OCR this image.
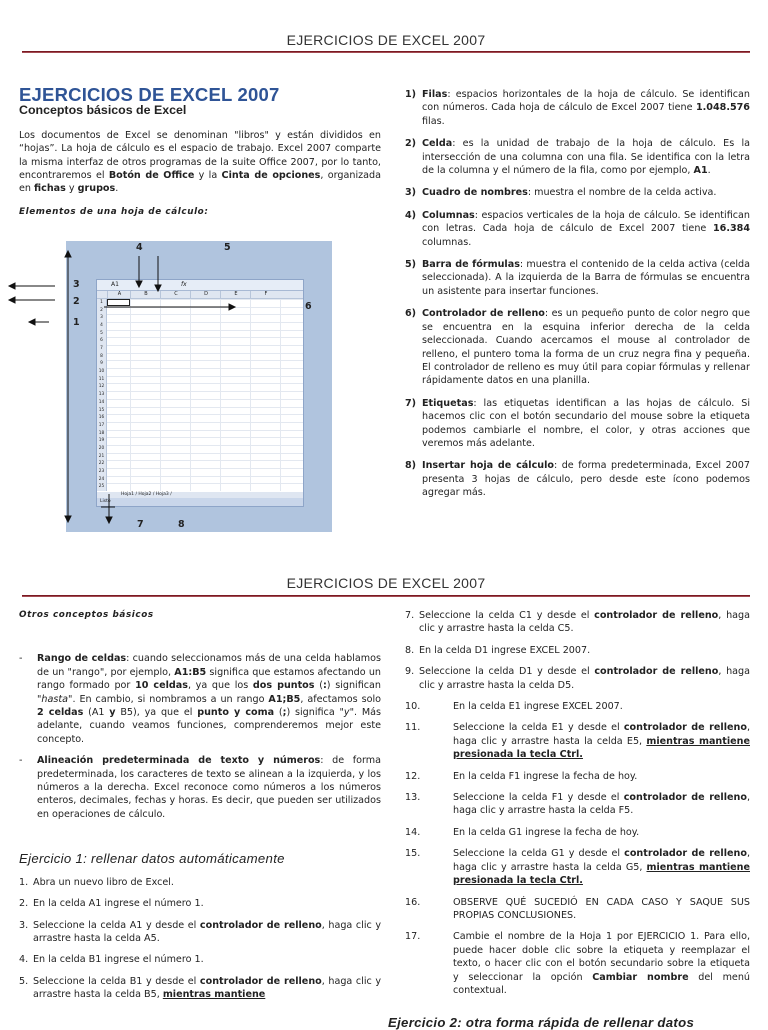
EJERCICIOS DE EXCEL 2007
EJERCICIOS DE EXCEL 2007
Conceptos básicos de Excel

Los documentos de Excel se denominan "libros" y están divididos en “hojas”. La hoja de cálculo es el espacio de trabajo. Excel 2007 comparte la misma interfaz de otros programas de la suite Office 2007, por lo tanto, encontraremos el Botón de Office y la Cinta de opciones, organizada en fichas y grupos.

Elementos de una hoja de cálculo:

A1	fx
A	B	C	D	E	F
1
2
3
4
5
6
7
8
9
10
11
12
13
14
15
16
17
18
19
20
21
22
23
24
25
Hoja1 / Hoja2 / Hoja3 /
Listo
4	5
6
3
2
1
7	8
1) Filas: espacios horizontales de la hoja de cálculo. Se identifican con números. Cada hoja de cálculo de Excel 2007 tiene 1.048.576 filas.
2) Celda: es la unidad de trabajo de la hoja de cálculo. Es la intersección de una columna con una fila. Se identifica con la letra de la columna y el número de la fila, como por ejemplo, A1.
3) Cuadro de nombres: muestra el nombre de la celda activa.
4) Columnas: espacios verticales de la hoja de cálculo. Se identifican con letras. Cada hoja de cálculo de Excel 2007 tiene 16.384 columnas.
5) Barra de fórmulas: muestra el contenido de la celda activa (celda seleccionada). A la izquierda de la Barra de fórmulas se encuentra un asistente para insertar funciones.
6) Controlador de relleno: es un pequeño punto de color negro que se encuentra en la esquina inferior derecha de la celda seleccionada. Cuando acercamos el mouse al controlador de relleno, el puntero toma la forma de un cruz negra fina y pequeña. El controlador de relleno es muy útil para copiar fórmulas y rellenar rápidamente datos en una planilla.
7) Etiquetas: las etiquetas identifican a las hojas de cálculo. Si hacemos clic con el botón secundario del mouse sobre la etiqueta podemos cambiarle el nombre, el color, y otras acciones que veremos más adelante.
8) Insertar hoja de cálculo: de forma predeterminada, Excel 2007 presenta 3 hojas de cálculo, pero desde este ícono podemos agregar más.
EJERCICIOS DE EXCEL 2007

Otros conceptos básicos

- Rango de celdas: cuando seleccionamos más de una celda hablamos de un "rango", por ejemplo, A1:B5 significa que estamos afectando un rango formado por 10 celdas, ya que los dos puntos (:) significan "hasta". En cambio, si nombramos a un rango A1;B5, afectamos solo 2 celdas (A1 y B5), ya que el punto y coma (;) significa "y". Más adelante, cuando veamos funciones, comprenderemos mejor este concepto.
- Alineación predeterminada de texto y números: de forma predeterminada, los caracteres de texto se alinean a la izquierda, y los números a la derecha. Excel reconoce como números a los números enteros, decimales, fechas y horas. Es decir, que pueden ser utilizados en operaciones de cálculo.
Ejercicio 1: rellenar datos automáticamente
1. Abra un nuevo libro de Excel.
2. En la celda A1 ingrese el número 1.
3. Seleccione la celda A1 y desde el controlador de relleno, haga clic y arrastre hasta la celda A5.
4. En la celda B1 ingrese el número 1.
5. Seleccione la celda B1 y desde el controlador de relleno, haga clic y arrastre hasta la celda B5, mientras mantiene
7. Seleccione la celda C1 y desde el controlador de relleno, haga clic y arrastre hasta la celda C5.
8. En la celda D1 ingrese EXCEL 2007.
9. Seleccione la celda D1 y desde el controlador de relleno, haga clic y arrastre hasta la celda D5.
10.	En la celda E1 ingrese EXCEL 2007.
11.	Seleccione la celda E1 y desde el controlador de relleno, haga clic y arrastre hasta la celda E5, mientras mantiene presionada la tecla Ctrl.
12.	En la celda F1 ingrese la fecha de hoy.
13.	Seleccione la celda F1 y desde el controlador de relleno, haga clic y arrastre hasta la celda F5.
14.	En la celda G1 ingrese la fecha de hoy.
15.	Seleccione la celda G1 y desde el controlador de relleno, haga clic y arrastre hasta la celda G5, mientras mantiene presionada la tecla Ctrl.
16.	OBSERVE QUÉ SUCEDIÓ EN CADA CASO Y SAQUE SUS PROPIAS CONCLUSIONES.
17.	Cambie el nombre de la Hoja 1 por EJERCICIO 1. Para ello, puede hacer doble clic sobre la etiqueta y reemplazar el texto, o hacer clic con el botón secundario sobre la etiqueta y seleccionar la opción Cambiar nombre del menú contextual.
Ejercicio 2: otra forma rápida de rellenar datos
